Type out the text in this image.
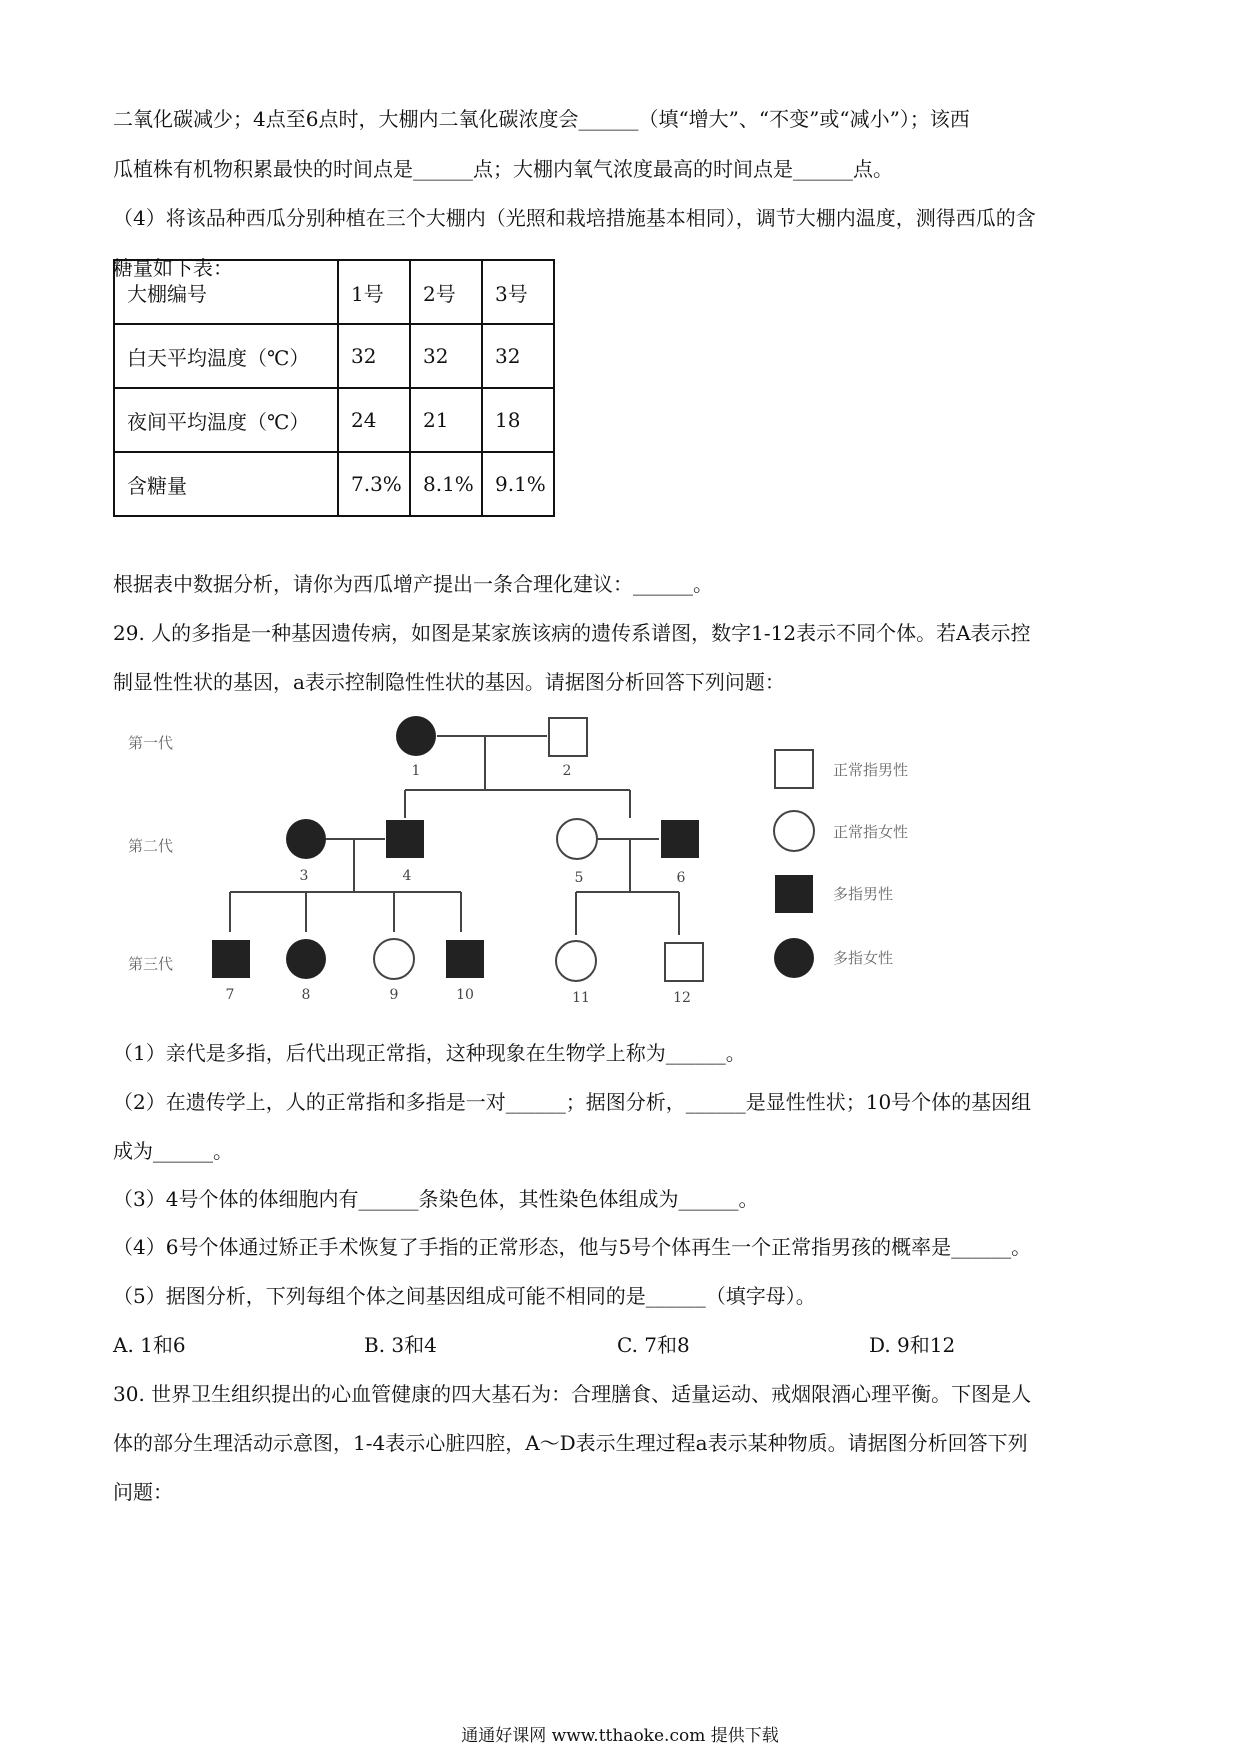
二氧化碳减少；4点至6点时，大棚内二氧化碳浓度会______（填“增大”、“不变”或“减小”）；该西
瓜植株有机物积累最快的时间点是______点；大棚内氧气浓度最高的时间点是______点。
（4）将该品种西瓜分别种植在三个大棚内（光照和栽培措施基本相同），调节大棚内温度，测得西瓜的含
糖量如下表：
大棚编号	1号	2号	3号
白天平均温度（℃）	32	32	32
夜间平均温度（℃）	24	21	18
含糖量	7.3%	8.1%	9.1%
根据表中数据分析，请你为西瓜增产提出一条合理化建议：______。
29. 人的多指是一种基因遗传病，如图是某家族该病的遗传系谱图，数字1-12表示不同个体。若A表示控
制显性性状的基因，a表示控制隐性性状的基因。请据图分析回答下列问题：
第一代
第二代
第三代
1	2
3	4	5	6
7	8	9	10	11	12
正常指男性
正常指女性
多指男性
多指女性
（1）亲代是多指，后代出现正常指，这种现象在生物学上称为______。
（2）在遗传学上，人的正常指和多指是一对______；据图分析，______是显性性状；10号个体的基因组
成为______。
（3）4号个体的体细胞内有______条染色体，其性染色体组成为______。
（4）6号个体通过矫正手术恢复了手指的正常形态，他与5号个体再生一个正常指男孩的概率是______。
（5）据图分析，下列每组个体之间基因组成可能不相同的是______（填字母）。
A. 1和6	B. 3和4	C. 7和8	D. 9和12
30. 世界卫生组织提出的心血管健康的四大基石为：合理膳食、适量运动、戒烟限酒心理平衡。下图是人
体的部分生理活动示意图，1-4表示心脏四腔，A～D表示生理过程a表示某种物质。请据图分析回答下列
问题：
通通好课网 www.tthaoke.com 提供下载
